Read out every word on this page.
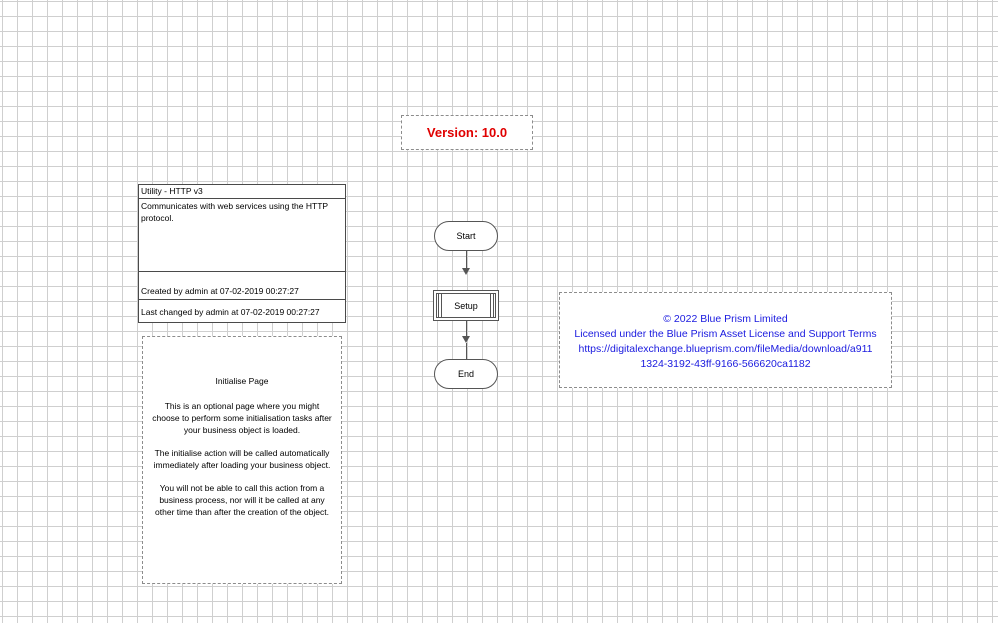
Version: 10.0
Utility - HTTP v3
Communicates with web services using the HTTP protocol.
Created by admin at 07-02-2019 00:27:27
Last changed by admin at 07-02-2019 00:27:27

Initialise Page

This is an optional page where you might choose to perform some initialisation tasks after your business object is loaded.

The initialise action will be called automatically immediately after loading your business object.

You will not be able to call this action from a business process, nor will it be called at any other time than after the creation of the object.

Start
Setup
End
© 2022 Blue Prism Limited
Licensed under the Blue Prism Asset License and Support Terms
https://digitalexchange.blueprism.com/fileMedia/download/a911
1324-3192-43ff-9166-566620ca1182
